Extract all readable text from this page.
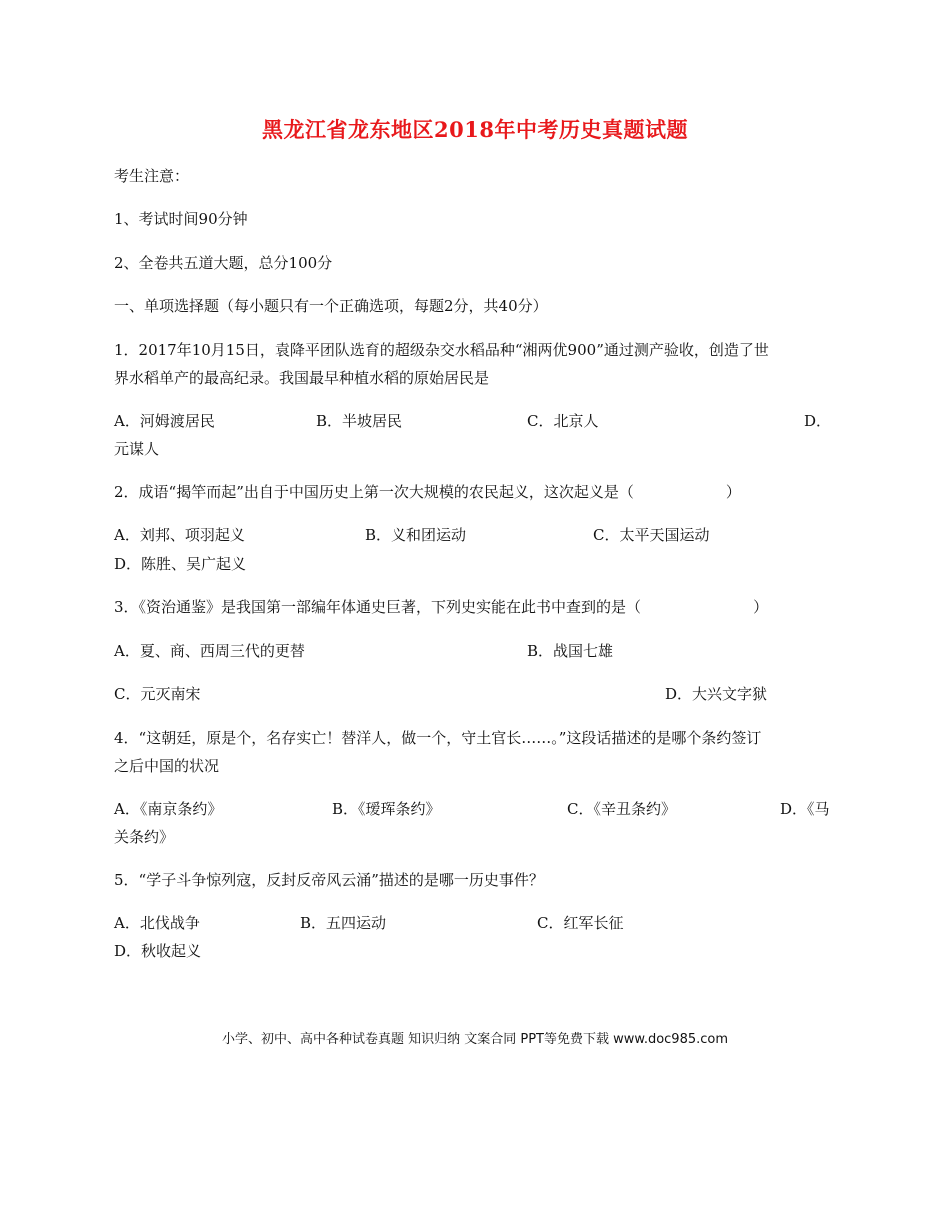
黑龙江省龙东地区2018年中考历史真题试题
考生注意：
1、考试时间90分钟
2、全卷共五道大题，总分100分
一、单项选择题（每小题只有一个正确选项，每题2分，共40分）
1．2017年10月15日，袁降平团队选育的超级杂交水稻品种“湘两优900”通过测产验收，创造了世
界水稻单产的最高纪录。我国最早种植水稻的原始居民是
A．河姆渡居民	B．半坡居民	C．北京人	D．
元谋人
2．成语“揭竿而起”出自于中国历史上第一次大规模的农民起义，这次起义是（	）
A．刘邦、项羽起义	B．义和团运动	C．太平天国运动
D．陈胜、吴广起义
3．《资治通鉴》是我国第一部编年体通史巨著，下列史实能在此书中查到的是（	）
A．夏、商、西周三代的更替	B．战国七雄
C．元灭南宋	D．大兴文字狱
4．“这朝廷，原是个，名存实亡！替洋人，做一个，守土官长……。”这段话描述的是哪个条约签订
之后中国的状况
A．《南京条约》	B．《瑷珲条约》	C．《辛丑条约》	D．《马
关条约》
5．“学子斗争惊列寇，反封反帝风云涌”描述的是哪一历史事件？
A．北伐战争	B．五四运动	C．红军长征
D．秋收起义
小学、初中、高中各种试卷真题 知识归纳 文案合同 PPT等免费下载 www.doc985.com
